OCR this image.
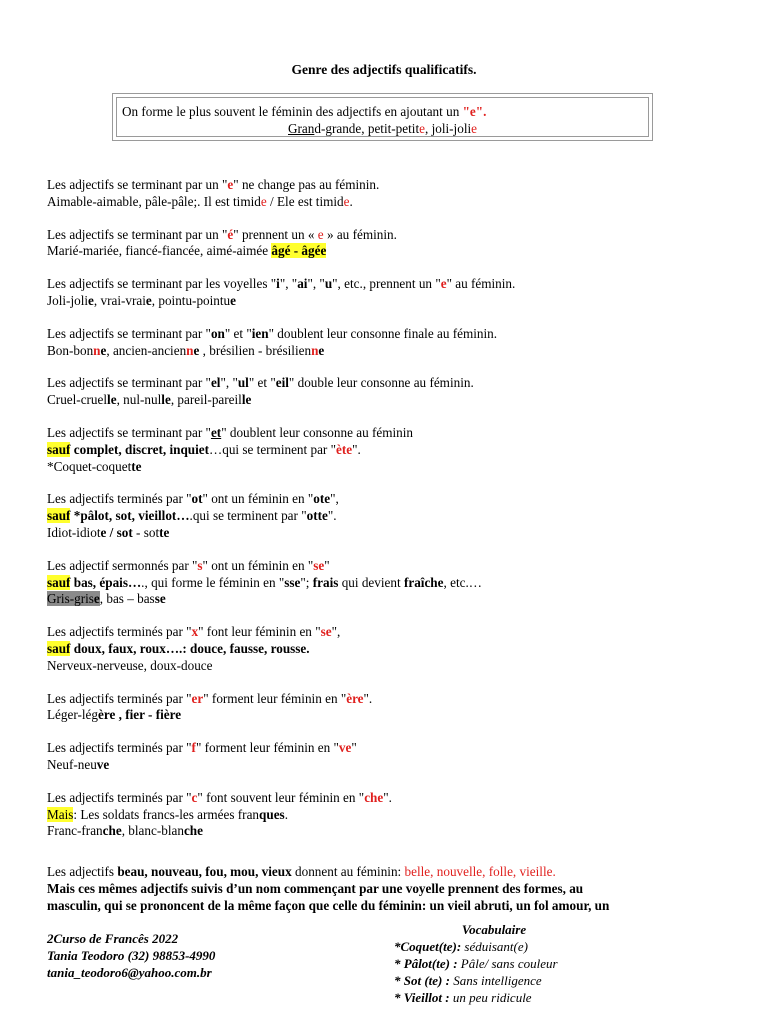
Genre des adjectifs qualificatifs.
On forme le plus souvent le féminin des adjectifs en ajoutant un "e".
Grand-grande, petit-petite, joli-jolie
Les adjectifs se terminant par un "e" ne change pas au féminin.
Aimable-aimable, pâle-pâle;. Il est timide / Ele est timide.
Les adjectifs se terminant par un "é" prennent un « e » au féminin.
Marié-mariée, fiancé-fiancée, aimé-aimée âgé - âgée
Les adjectifs se terminant par les voyelles "i", "ai", "u", etc., prennent un "e" au féminin.
Joli-jolie, vrai-vraie, pointu-pointue
Les adjectifs se terminant par "on" et "ien" doublent leur consonne finale au féminin.
Bon-bonne, ancien-ancienne , brésilien - brésilienne
Les adjectifs se terminant par "el", "ul" et "eil" double leur consonne au féminin.
Cruel-cruelle, nul-nulle, pareil-pareille
Les adjectifs se terminant par "et" doublent leur consonne au féminin
sauf complet, discret, inquiet…qui se terminent par "ète".
*Coquet-coquette
Les adjectifs terminés par "ot" ont un féminin en "ote",
sauf *pâlot, sot, vieillot….qui se terminent par "otte".
Idiot-idiote / sot - sotte
Les adjectif sermonnés par "s" ont un féminin en "se"
sauf bas, épais…., qui forme le féminin en "sse"; frais qui devient fraîche, etc.…
Gris-grise, bas – basse
Les adjectifs terminés par "x" font leur féminin en "se",
sauf doux, faux, roux….: douce, fausse, rousse.
Nerveux-nerveuse, doux-douce
Les adjectifs terminés par "er" forment leur féminin en "ère".
Léger-légère , fier - fière
Les adjectifs terminés par "f" forment leur féminin en "ve"
Neuf-neuve
Les adjectifs terminés par "c" font souvent leur féminin en "che".
Mais: Les soldats francs-les armées franques.
Franc-franche, blanc-blanche
Les adjectifs beau, nouveau, fou, mou, vieux donnent au féminin: belle, nouvelle, folle, vieille.
Mais ces mêmes adjectifs suivis d’un nom commençant par une voyelle prennent des formes, au
masculin, qui se prononcent de la même façon que celle du féminin: un vieil abruti, un fol amour, un
2Curso de Francês 2022
Tania Teodoro (32) 98853-4990
tania_teodoro6@yahoo.com.br
Vocabulaire
*Coquet(te): séduisant(e)
* Pâlot(te) : Pâle/ sans couleur
* Sot (te) : Sans intelligence
* Vieillot : un peu ridicule
